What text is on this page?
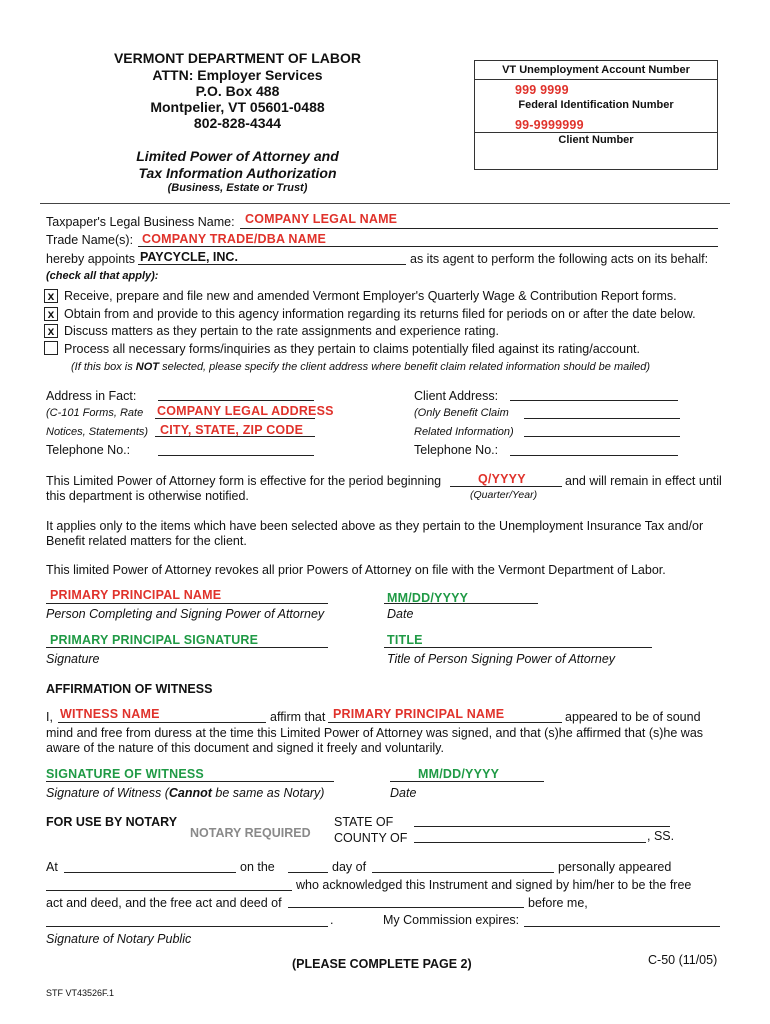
VERMONT DEPARTMENT OF LABOR
ATTN: Employer Services
P.O. Box 488
Montpelier, VT 05601-0488
802-828-4344
Limited Power of Attorney and
Tax Information Authorization
(Business, Estate or Trust)
VT Unemployment Account Number
999 9999
Federal Identification Number
99-9999999
Client Number
Taxpaper's Legal Business Name: COMPANY LEGAL NAME
Trade Name(s): COMPANY TRADE/DBA NAME
hereby appoints PAYCYCLE, INC.	as its agent to perform the following acts on its behalf:
(check all that apply):
x Receive, prepare and file new and amended Vermont Employer's Quarterly Wage & Contribution Report forms.
x Obtain from and provide to this agency information regarding its returns filed for periods on or after the date below.
x Discuss matters as they pertain to the rate assignments and experience rating.
Process all necessary forms/inquiries as they pertain to claims potentially filed against its rating/account.
(If this box is NOT selected, please specify the client address where benefit claim related information should be mailed)
Address in Fact:
(C-101 Forms, Rate COMPANY LEGAL ADDRESS
Notices, Statements) CITY, STATE, ZIP CODE
Telephone No.:
Client Address:
(Only Benefit Claim
Related Information)
Telephone No.:
This Limited Power of Attorney form is effective for the period beginning	Q/YYYY	and will remain in effect until
this department is otherwise notified.	(Quarter/Year)
It applies only to the items which have been selected above as they pertain to the Unemployment Insurance Tax and/or
Benefit related matters for the client.
This limited Power of Attorney revokes all prior Powers of Attorney on file with the Vermont Department of Labor.
PRIMARY PRINCIPAL NAME
Person Completing and Signing Power of Attorney
MM/DD/YYYY
Date
PRIMARY PRINCIPAL SIGNATURE
Signature
TITLE
Title of Person Signing Power of Attorney
AFFIRMATION OF WITNESS
I, WITNESS NAME	affirm that PRIMARY PRINCIPAL NAME	appeared to be of sound
mind and free from duress at the time this Limited Power of Attorney was signed, and that (s)he affirmed that (s)he was
aware of the nature of this document and signed it freely and voluntarily.
SIGNATURE OF WITNESS
Signature of Witness (Cannot be same as Notary)
MM/DD/YYYY
Date
FOR USE BY NOTARY
NOTARY REQUIRED
STATE OF
COUNTY OF	, SS.
At	on the	day of	personally appeared
who acknowledged this Instrument and signed by him/her to be the free
act and deed, and the free act and deed of	before me,
.	My Commission expires:
Signature of Notary Public
(PLEASE COMPLETE PAGE 2)	C-50 (11/05)
STF VT43526F.1
